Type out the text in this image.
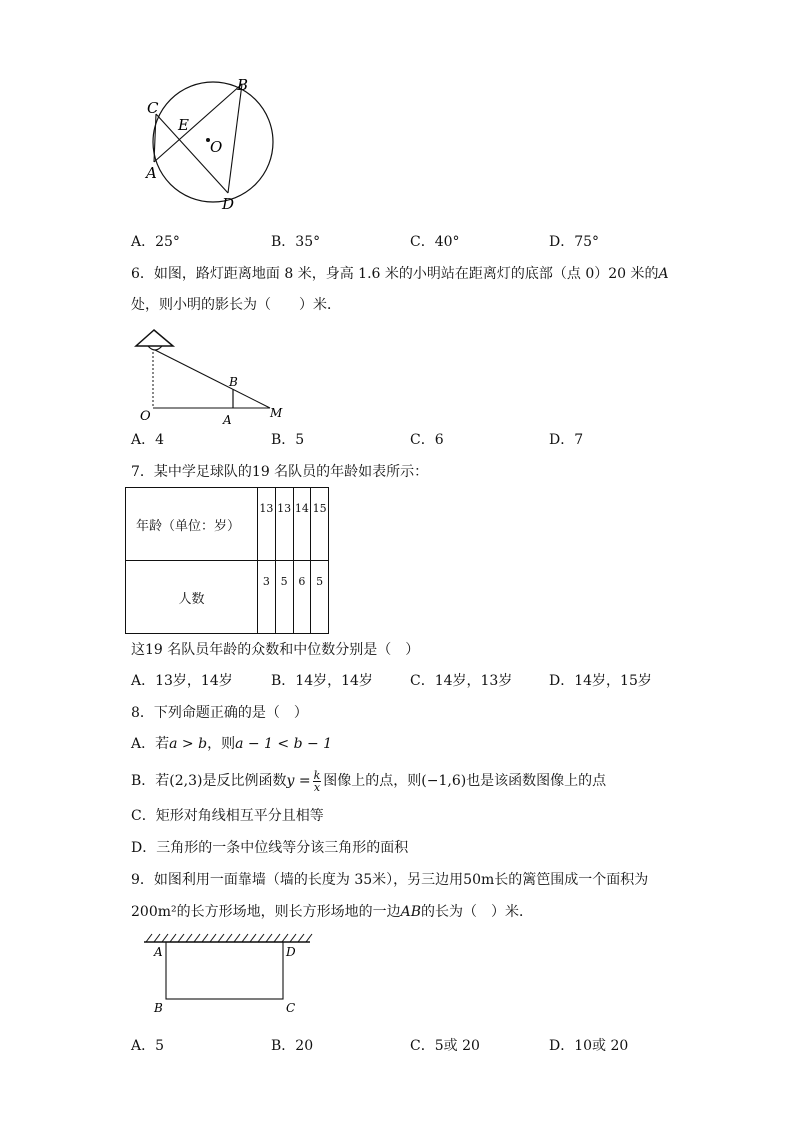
C
A
B
D
E
O
A．25°	B．35°	C．40°	D．75°
6．如图，路灯距离地面 8 米，身高 1.6 米的小明站在距离灯的底部（点 0）20 米的A
处，则小明的影长为（　　）米．
B
O	A	M
A．4	B．5	C．6	D．7
7．某中学足球队的19 名队员的年龄如表所示：
年龄（单位：岁）	13	13	14	15
人数	3	5	6	5
这19 名队员年龄的众数和中位数分别是（　）
A．13岁，14岁	B．14岁，14岁	C．14岁，13岁	D．14岁，15岁
8．下列命题正确的是（　）
A．若a > b，则a − 1 < b − 1
B．若(2,3)是反比例函数$y = \frac{k}{x}$ 图像上的点，则(−1,6)也是该函数图像上的点
C．矩形对角线相互平分且相等
D．三角形的一条中位线等分该三角形的面积
9．如图利用一面靠墙（墙的长度为 35米），另三边用50m长的篱笆围成一个面积为
200m²的长方形场地，则长方形场地的一边AB的长为（　）米．
A	D
B	C
A．5	B．20	C．5或 20	D．10或 20
